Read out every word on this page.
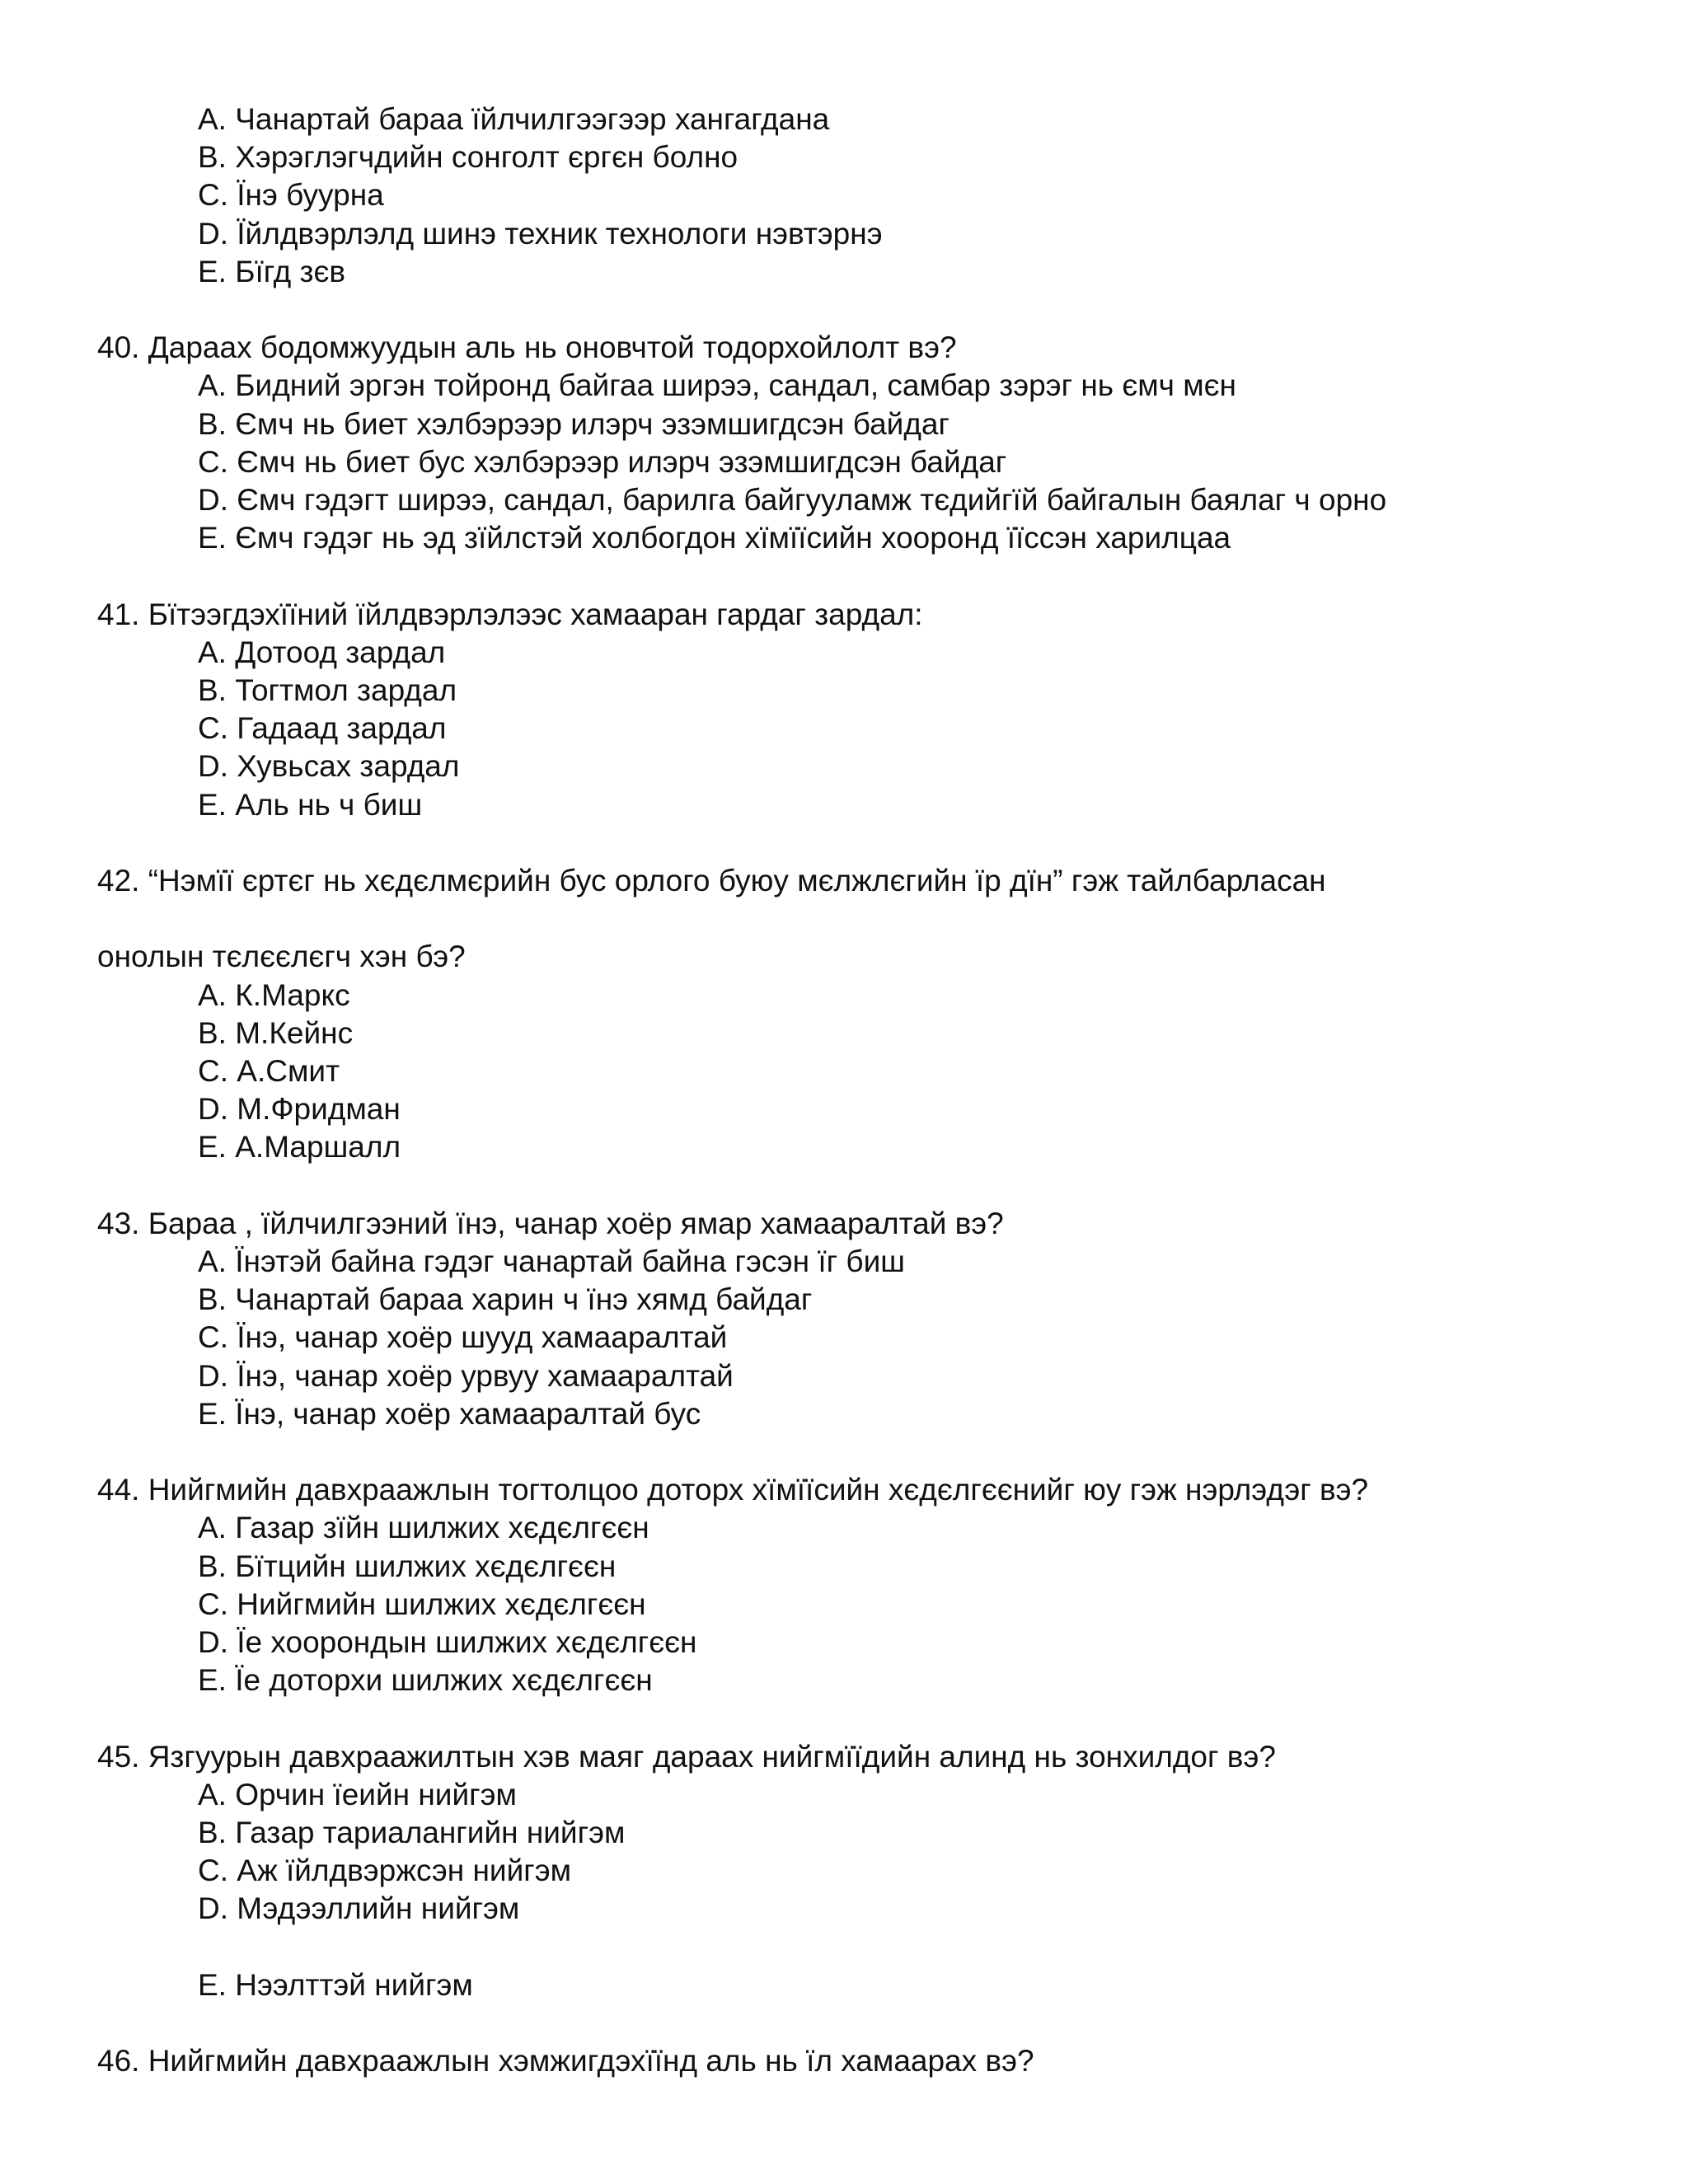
A. Чанартай бараа їйлчилгээгээр хангагдана
B. Хэрэглэгчдийн сонголт єргєн болно
C. Їнэ буурна
D. Їйлдвэрлэлд шинэ техник технологи нэвтэрнэ
E. Бїгд зєв
40. Дараах бодомжуудын аль нь оновчтой тодорхойлолт вэ?
A. Бидний эргэн тойронд байгаа ширээ, сандал, самбар зэрэг нь ємч мєн
B. Ємч нь биет хэлбэрээр илэрч эзэмшигдсэн байдаг
C. Ємч нь биет бус хэлбэрээр илэрч эзэмшигдсэн байдаг
D. Ємч гэдэгт ширээ, сандал, барилга байгууламж тєдийгїй байгалын баялаг ч орно
E. Ємч гэдэг нь эд зїйлстэй холбогдон хїмїїсийн хооронд їїссэн харилцаа
41. Бїтээгдэхїїний їйлдвэрлэлээс хамааран гардаг зардал:
A. Дотоод зардал
B. Тогтмол зардал
C. Гадаад зардал
D. Хувьсах зардал
E. Аль нь ч биш
42. “Нэмїї єртєг нь хєдєлмєрийн бус орлого буюу мєлжлєгийн їр дїн” гэж тайлбарласан
онолын тєлєєлєгч хэн бэ?
A. К.Маркс
B. М.Кейнс
C. А.Смит
D. М.Фридман
E. А.Маршалл
43. Бараа , їйлчилгээний їнэ, чанар хоёр ямар хамааралтай вэ?
A. Їнэтэй байна гэдэг чанартай байна гэсэн їг биш
B. Чанартай бараа харин ч їнэ хямд байдаг
C. Їнэ, чанар хоёр шууд хамааралтай
D. Їнэ, чанар хоёр урвуу хамааралтай
E. Їнэ, чанар хоёр хамааралтай бус
44. Нийгмийн давхраажлын тогтолцоо доторх хїмїїсийн хєдєлгєєнийг юу гэж нэрлэдэг вэ?
A. Газар зїйн шилжих хєдєлгєєн
B. Бїтцийн шилжих хєдєлгєєн
C. Нийгмийн шилжих хєдєлгєєн
D. Їе хоорондын шилжих хєдєлгєєн
E. Їе доторхи шилжих хєдєлгєєн
45. Язгуурын давхраажилтын хэв маяг дараах нийгмїїдийн алинд нь зонхилдог вэ?
A. Орчин їеийн нийгэм
B. Газар тариалангийн нийгэм
C. Аж їйлдвэржсэн нийгэм
D. Мэдээллийн нийгэм
E. Нээлттэй нийгэм
46. Нийгмийн давхраажлын хэмжигдэхїїнд аль нь їл хамаарах вэ?
